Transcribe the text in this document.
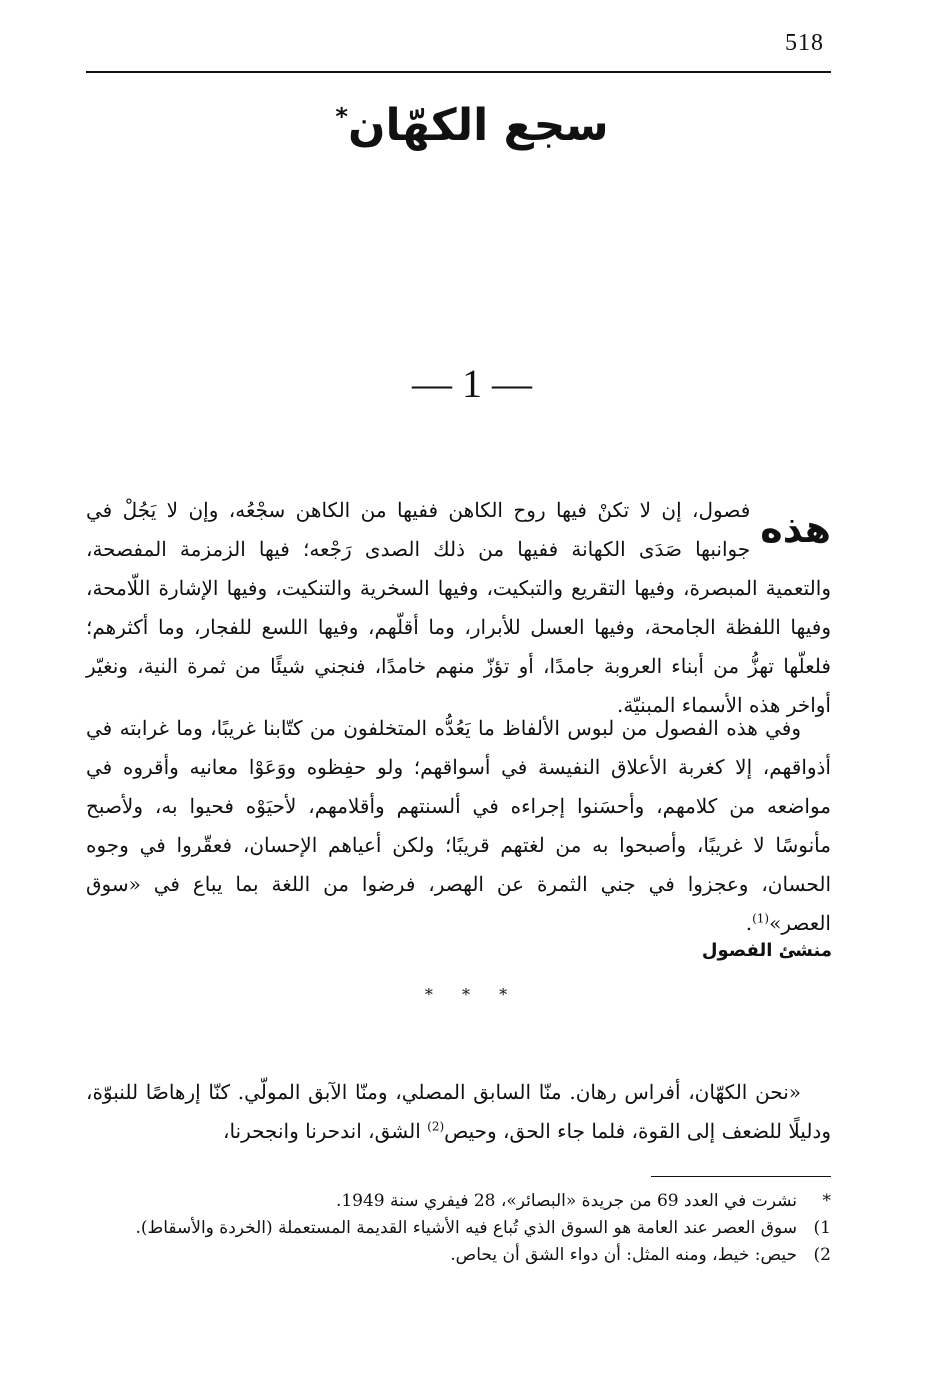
518
سجع الكهّان*
— 1 —
هذه

فصول، إن لا تكنْ فيها روح الكاهن ففيها من الكاهن سجْعُه، وإن لا يَجُلْ في جوانبها صَدَى الكهانة ففيها من ذلك الصدى رَجْعه؛ فيها الزمزمة المفصحة، والتعمية المبصرة، وفيها التقريع والتبكيت، وفيها السخرية والتنكيت، وفيها الإشارة اللّامحة، وفيها اللفظة الجامحة، وفيها العسل للأبرار، وما أقلّهم، وفيها اللسع للفجار، وما أكثرهم؛ فلعلّها تهزُّ من أبناء العروبة جامدًا، أو تؤزّ منهم خامدًا، فنجني شيئًا من ثمرة النية، ونغيّر أواخر هذه الأسماء المبنيّة.

وفي هذه الفصول من لبوس الألفاظ ما يَعُدُّه المتخلفون من كتّابنا غريبًا، وما غرابته في أذواقهم، إلا كغربة الأعلاق النفيسة في أسواقهم؛ ولو حفِظوه ووَعَوْا معانيه وأقروه في مواضعه من كلامهم، وأحسَنوا إجراءه في ألسنتهم وأقلامهم، لأحيَوْه فحيوا به، ولأصبح مأنوسًا لا غريبًا، وأصبحوا به من لغتهم قريبًا؛ ولكن أعياهم الإحسان، فعقّروا في وجوه الحسان، وعجزوا في جني الثمرة عن الهصر، فرضوا من اللغة بما يباع في «سوق العصر»$^{(1)}$.

منشئ الفصول
* * *

«نحن الكهّان، أفراس رهان. منّا السابق المصلي، ومنّا الآبق المولّي. كنّا إرهاصًا للنبوّة، ودليلًا للضعف إلى القوة، فلما جاء الحق، وحيص$^{(2)}$ الشق، اندحرنا وانجحرنا،

*
نشرت في العدد 69 من جريدة «البصائر»، 28 فيفري سنة 1949.
1)
سوق العصر عند العامة هو السوق الذي تُباع فيه الأشياء القديمة المستعملة (الخردة والأسقاط).
2)
حيص: خيط، ومنه المثل: أن دواء الشق أن يحاص.
